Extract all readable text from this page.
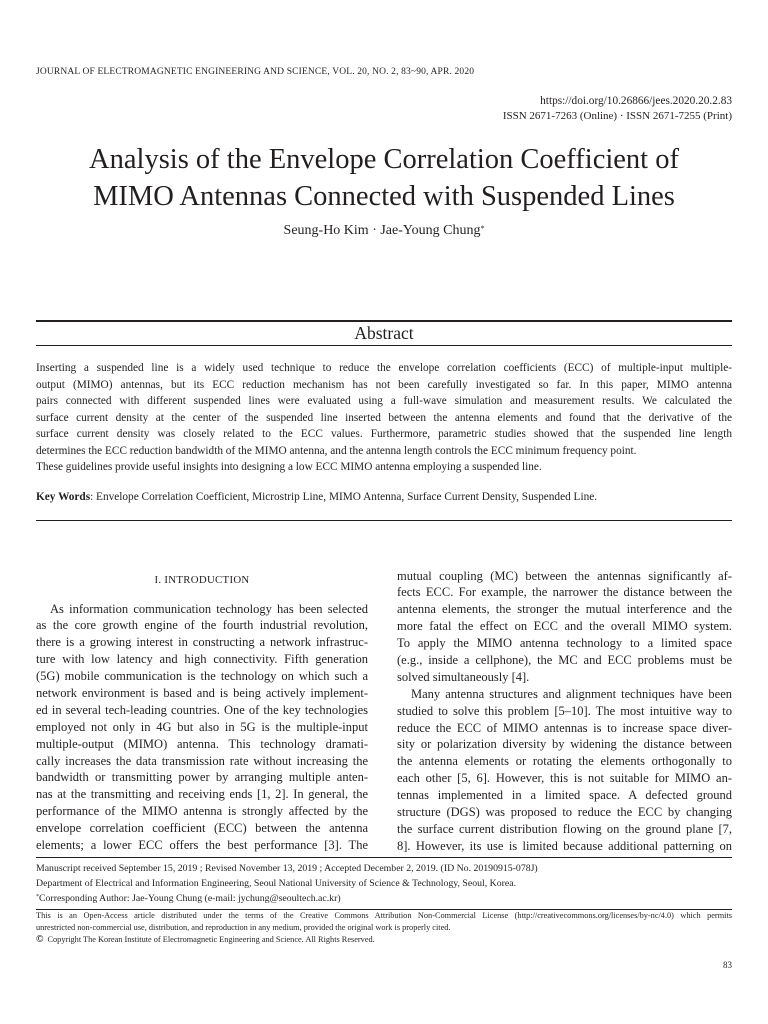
JOURNAL OF ELECTROMAGNETIC ENGINEERING AND SCIENCE, VOL. 20, NO. 2, 83~90, APR. 2020
https://doi.org/10.26866/jees.2020.20.2.83
ISSN 2671-7263 (Online) · ISSN 2671-7255 (Print)
Analysis of the Envelope Correlation Coefficient of
MIMO Antennas Connected with Suspended Lines
Seung-Ho Kim · Jae-Young Chung*
Abstract
Inserting a suspended line is a widely used technique to reduce the envelope correlation coefficients (ECC) of multiple-input multiple-
output (MIMO) antennas, but its ECC reduction mechanism has not been carefully investigated so far. In this paper, MIMO antenna
pairs connected with different suspended lines were evaluated using a full-wave simulation and measurement results. We calculated the
surface current density at the center of the suspended line inserted between the antenna elements and found that the derivative of the
surface current density was closely related to the ECC values. Furthermore, parametric studies showed that the suspended line length
determines the ECC reduction bandwidth of the MIMO antenna, and the antenna length controls the ECC minimum frequency point.
These guidelines provide useful insights into designing a low ECC MIMO antenna employing a suspended line.
Key Words: Envelope Correlation Coefficient, Microstrip Line, MIMO Antenna, Surface Current Density, Suspended Line.
I. INTRODUCTION
As information communication technology has been selected
as the core growth engine of the fourth industrial revolution,
there is a growing interest in constructing a network infrastruc-
ture with low latency and high connectivity. Fifth generation
(5G) mobile communication is the technology on which such a
network environment is based and is being actively implement-
ed in several tech-leading countries. One of the key technologies
employed not only in 4G but also in 5G is the multiple-input
multiple-output (MIMO) antenna. This technology dramati-
cally increases the data transmission rate without increasing the
bandwidth or transmitting power by arranging multiple anten-
nas at the transmitting and receiving ends [1, 2]. In general, the
performance of the MIMO antenna is strongly affected by the
envelope correlation coefficient (ECC) between the antenna
elements; a lower ECC offers the best performance [3]. The
mutual coupling (MC) between the antennas significantly af-
fects ECC. For example, the narrower the distance between the
antenna elements, the stronger the mutual interference and the
more fatal the effect on ECC and the overall MIMO system.
To apply the MIMO antenna technology to a limited space
(e.g., inside a cellphone), the MC and ECC problems must be
solved simultaneously [4].
Many antenna structures and alignment techniques have been
studied to solve this problem [5–10]. The most intuitive way to
reduce the ECC of MIMO antennas is to increase space diver-
sity or polarization diversity by widening the distance between
the antenna elements or rotating the elements orthogonally to
each other [5, 6]. However, this is not suitable for MIMO an-
tennas implemented in a limited space. A defected ground
structure (DGS) was proposed to reduce the ECC by changing
the surface current distribution flowing on the ground plane [7,
8]. However, its use is limited because additional patterning on
Manuscript received September 15, 2019 ; Revised November 13, 2019 ; Accepted December 2, 2019. (ID No. 20190915-078J)
Department of Electrical and Information Engineering, Seoul National University of Science & Technology, Seoul, Korea.
*Corresponding Author: Jae-Young Chung (e-mail: jychung@seoultech.ac.kr)
This is an Open-Access article distributed under the terms of the Creative Commons Attribution Non-Commercial License (http://creativecommons.org/licenses/by-nc/4.0) which permits
unrestricted non-commercial use, distribution, and reproduction in any medium, provided the original work is properly cited.
© Copyright The Korean Institute of Electromagnetic Engineering and Science. All Rights Reserved.
83
